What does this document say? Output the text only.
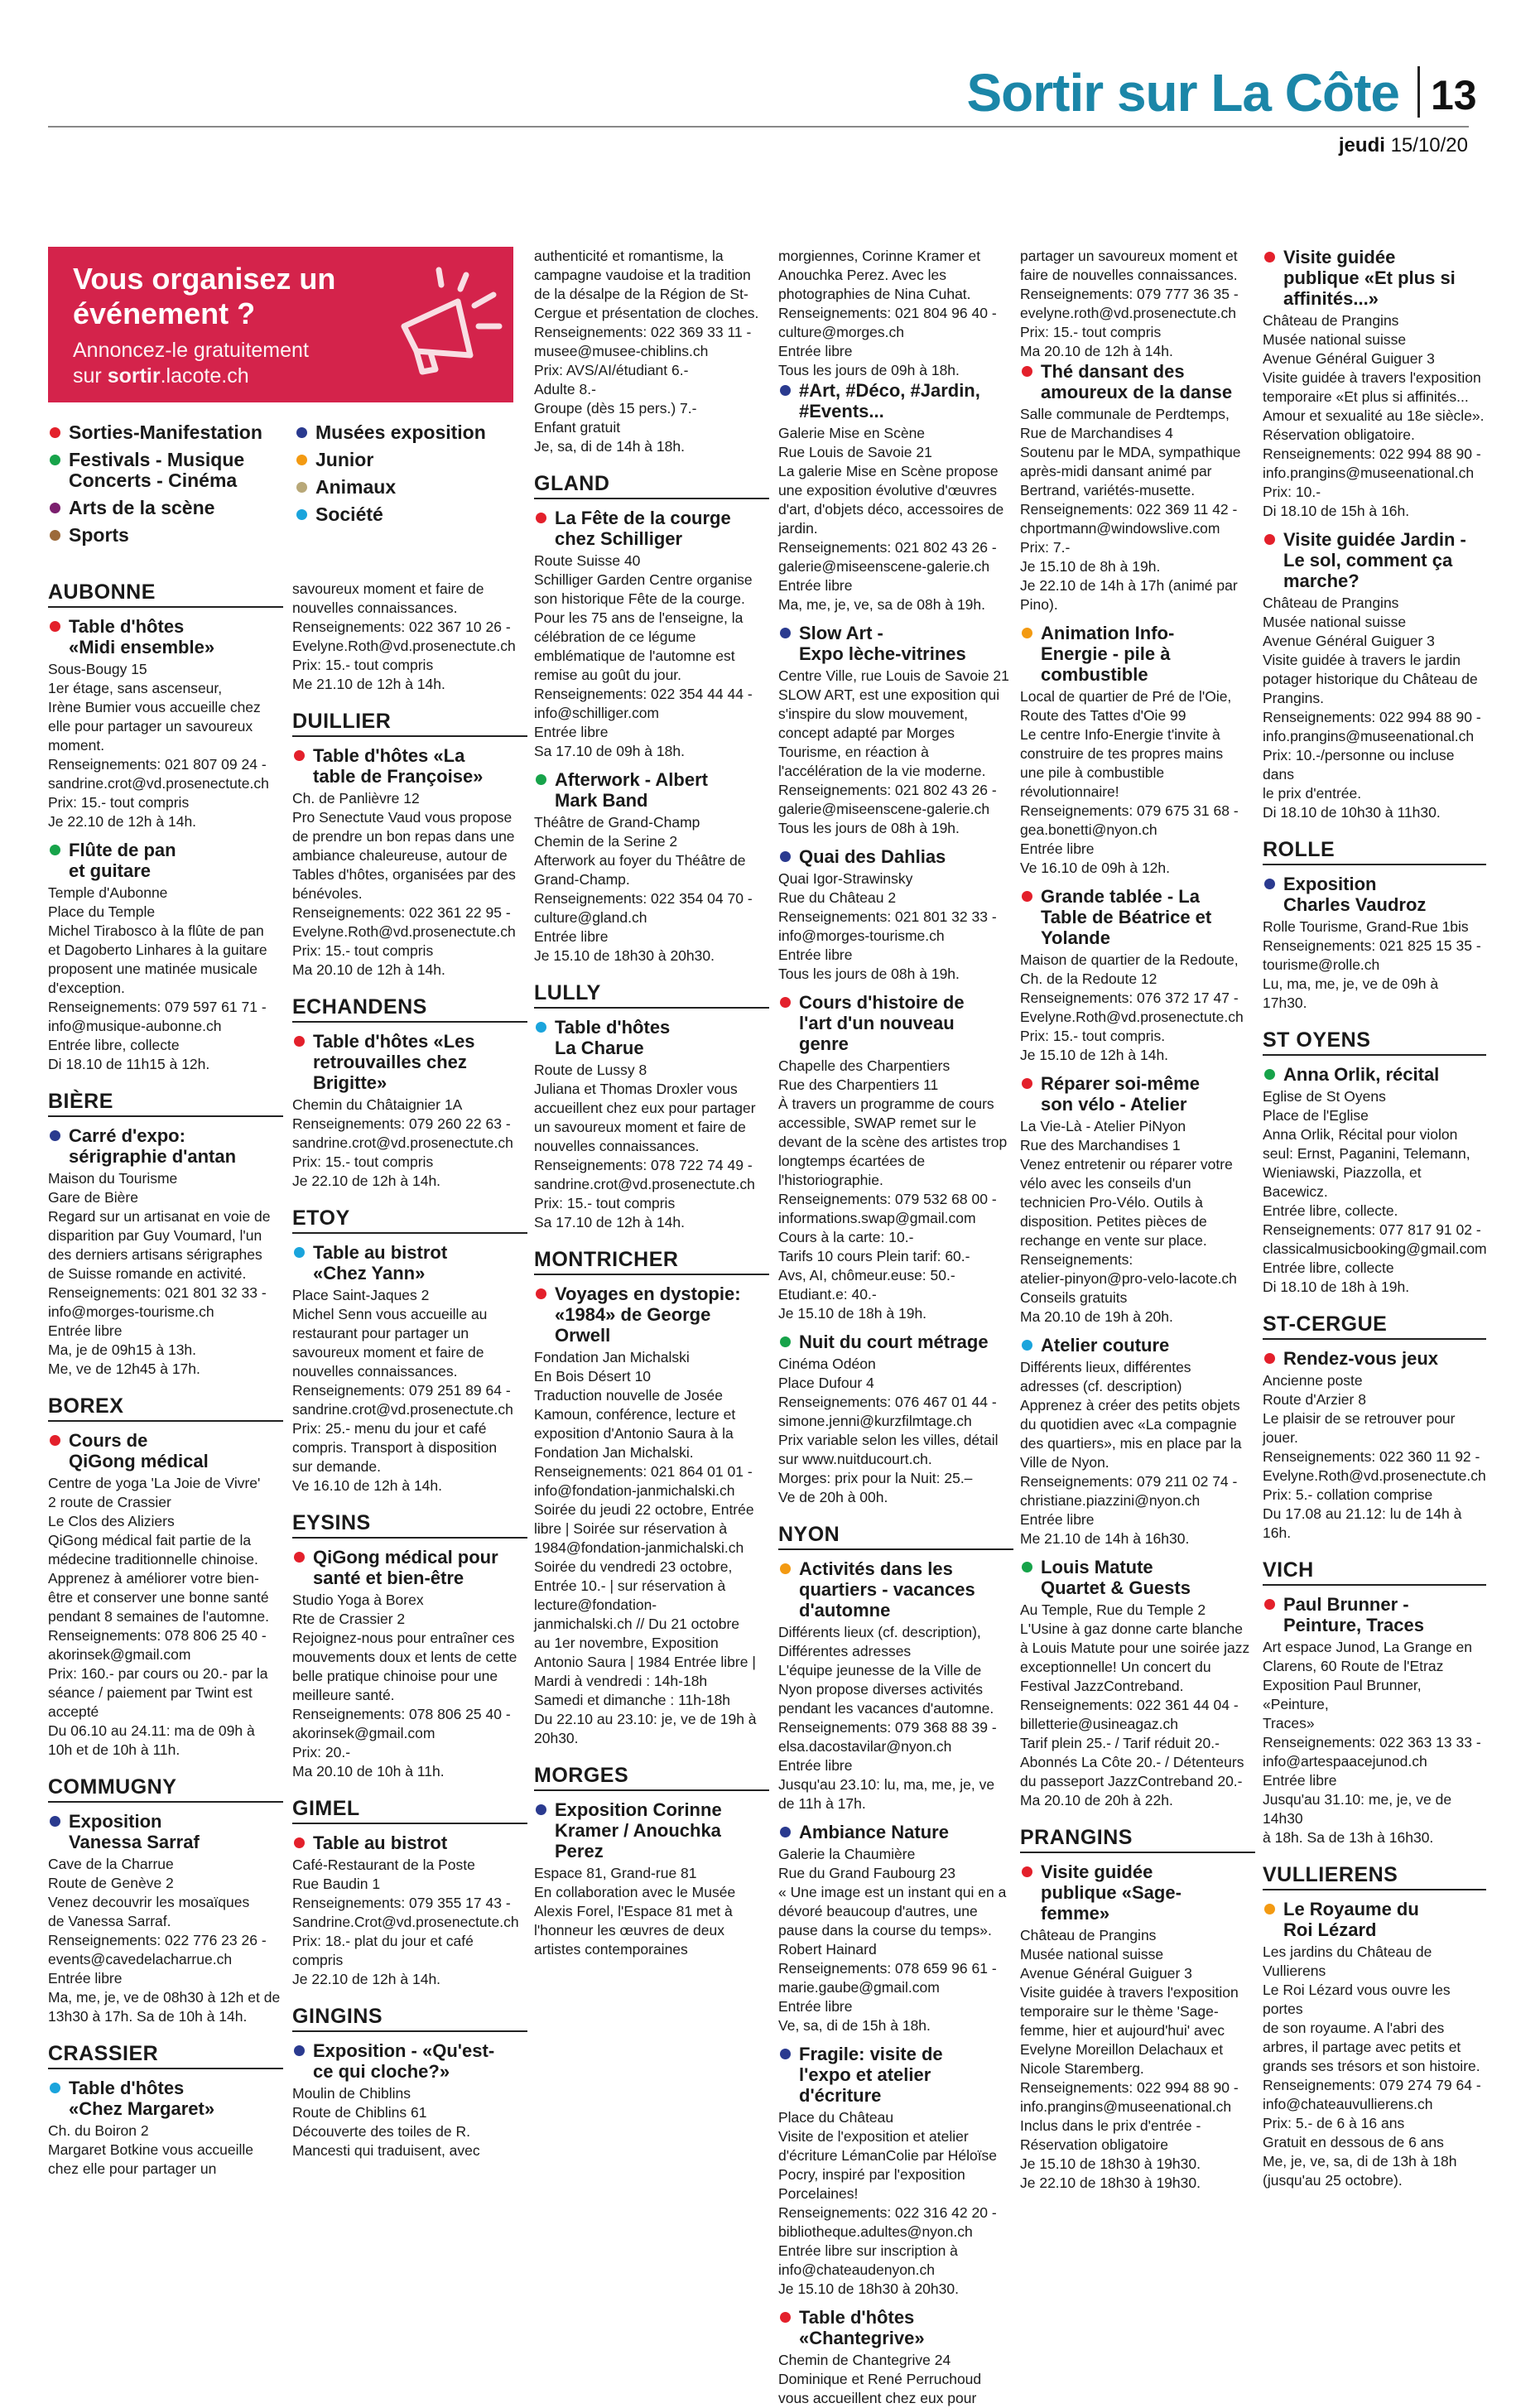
Sortir sur La Côte 13
jeudi 15/10/20
Vous organisez un événement ?
Annoncez-le gratuitement
sur sortir.lacote.ch
Sorties-Manifestation
Festivals - Musique
Concerts - Cinéma
Arts de la scène
Sports
Musées exposition
Junior
Animaux
Société
AUBONNE
Table d'hôtes
«Midi ensemble»
Sous-Bougy 15
1er étage, sans ascenseur,
Irène Bumier vous accueille chez
elle pour partager un savoureux
moment.
Renseignements: 021 807 09 24 -
sandrine.crot@vd.prosenectute.ch
Prix: 15.- tout compris
Je 22.10 de 12h à 14h.
Flûte de pan
et guitare
Temple d'Aubonne
Place du Temple
Michel Tirabosco à la flûte de pan
et Dagoberto Linhares à la guitare
proposent une matinée musicale
d'exception.
Renseignements: 079 597 61 71 -
info@musique-aubonne.ch
Entrée libre, collecte
Di 18.10 de 11h15 à 12h.
BIÈRE
Carré d'expo:
sérigraphie d'antan
Maison du Tourisme
Gare de Bière
Regard sur un artisanat en voie de
disparition par Guy Voumard, l'un
des derniers artisans sérigraphes
de Suisse romande en activité.
Renseignements: 021 801 32 33 -
info@morges-tourisme.ch
Entrée libre
Ma, je de 09h15 à 13h.
Me, ve de 12h45 à 17h.
BOREX
Cours de
QiGong médical
Centre de yoga 'La Joie de Vivre'
2 route de Crassier
Le Clos des Aliziers
QiGong médical fait partie de la
médecine traditionnelle chinoise.
Apprenez à améliorer votre bien-
être et conserver une bonne santé
pendant 8 semaines de l'automne.
Renseignements: 078 806 25 40 -
akorinsek@gmail.com
Prix: 160.- par cours ou 20.- par la
séance / paiement par Twint est
accepté
Du 06.10 au 24.11: ma de 09h à
10h et de 10h à 11h.
COMMUGNY
Exposition
Vanessa Sarraf
Cave de la Charrue
Route de Genève 2
Venez decouvrir les mosaïques
de Vanessa Sarraf.
Renseignements: 022 776 23 26 -
events@cavedelacharrue.ch
Entrée libre
Ma, me, je, ve de 08h30 à 12h et de
13h30 à 17h. Sa de 10h à 14h.
CRASSIER
Table d'hôtes
«Chez Margaret»
Ch. du Boiron 2
Margaret Botkine vous accueille
chez elle pour partager un
savoureux moment et faire de
nouvelles connaissances.
Renseignements: 022 367 10 26 -
Evelyne.Roth@vd.prosenectute.ch
Prix: 15.- tout compris
Me 21.10 de 12h à 14h.
DUILLIER
Table d'hôtes «La
table de Françoise»
Ch. de Panlièvre 12
Pro Senectute Vaud vous propose
de prendre un bon repas dans une
ambiance chaleureuse, autour de
Tables d'hôtes, organisées par des
bénévoles.
Renseignements: 022 361 22 95 -
Evelyne.Roth@vd.prosenectute.ch
Prix: 15.- tout compris
Ma 20.10 de 12h à 14h.
ECHANDENS
Table d'hôtes «Les
retrouvailles chez
Brigitte»
Chemin du Châtaignier 1A
Renseignements: 079 260 22 63 -
sandrine.crot@vd.prosenectute.ch
Prix: 15.- tout compris
Je 22.10 de 12h à 14h.
ETOY
Table au bistrot
«Chez Yann»
Place Saint-Jaques 2
Michel Senn vous accueille au
restaurant pour partager un
savoureux moment et faire de
nouvelles connaissances.
Renseignements: 079 251 89 64 -
sandrine.crot@vd.prosenectute.ch
Prix: 25.- menu du jour et café
compris. Transport à disposition
sur demande.
Ve 16.10 de 12h à 14h.
EYSINS
QiGong médical pour
santé et bien-être
Studio Yoga à Borex
Rte de Crassier 2
Rejoignez-nous pour entraîner ces
mouvements doux et lents de cette
belle pratique chinoise pour une
meilleure santé.
Renseignements: 078 806 25 40 -
akorinsek@gmail.com
Prix: 20.-
Ma 20.10 de 10h à 11h.
GIMEL
Table au bistrot
Café-Restaurant de la Poste
Rue Baudin 1
Renseignements: 079 355 17 43 -
Sandrine.Crot@vd.prosenectute.ch
Prix: 18.- plat du jour et café
compris
Je 22.10 de 12h à 14h.
GINGINS
Exposition - «Qu'est-
ce qui cloche?»
Moulin de Chiblins
Route de Chiblins 61
Découverte des toiles de R.
Mancesti qui traduisent, avec
authenticité et romantisme, la
campagne vaudoise et la tradition
de la désalpe de la Région de St-
Cergue et présentation de cloches.
Renseignements: 022 369 33 11 -
musee@musee-chiblins.ch
Prix: AVS/AI/étudiant 6.-
Adulte 8.-
Groupe (dès 15 pers.) 7.-
Enfant gratuit
Je, sa, di de 14h à 18h.
GLAND
La Fête de la courge
chez Schilliger
Route Suisse 40
Schilliger Garden Centre organise
son historique Fête de la courge.
Pour les 75 ans de l'enseigne, la
célébration de ce légume
emblématique de l'automne est
remise au goût du jour.
Renseignements: 022 354 44 44 -
info@schilliger.com
Entrée libre
Sa 17.10 de 09h à 18h.
Afterwork - Albert
Mark Band
Théâtre de Grand-Champ
Chemin de la Serine 2
Afterwork au foyer du Théâtre de
Grand-Champ.
Renseignements: 022 354 04 70 -
culture@gland.ch
Entrée libre
Je 15.10 de 18h30 à 20h30.
LULLY
Table d'hôtes
La Charue
Route de Lussy 8
Juliana et Thomas Droxler vous
accueillent chez eux pour partager
un savoureux moment et faire de
nouvelles connaissances.
Renseignements: 078 722 74 49 -
sandrine.crot@vd.prosenectute.ch
Prix: 15.- tout compris
Sa 17.10 de 12h à 14h.
MONTRICHER
Voyages en dystopie:
«1984» de George
Orwell
Fondation Jan Michalski
En Bois Désert 10
Traduction nouvelle de Josée
Kamoun, conférence, lecture et
exposition d'Antonio Saura à la
Fondation Jan Michalski.
Renseignements: 021 864 01 01 -
info@fondation-janmichalski.ch
Soirée du jeudi 22 octobre, Entrée
libre | Soirée sur réservation à
1984@fondation-janmichalski.ch
Soirée du vendredi 23 octobre,
Entrée 10.- | sur réservation à
lecture@fondation-
janmichalski.ch // Du 21 octobre
au 1er novembre, Exposition
Antonio Saura | 1984 Entrée libre |
Mardi à vendredi : 14h-18h
Samedi et dimanche : 11h-18h
Du 22.10 au 23.10: je, ve de 19h à
20h30.
MORGES
Exposition Corinne
Kramer / Anouchka
Perez
Espace 81, Grand-rue 81
En collaboration avec le Musée
Alexis Forel, l'Espace 81 met à
l'honneur les œuvres de deux
artistes contemporaines
morgiennes, Corinne Kramer et
Anouchka Perez. Avec les
photographies de Nina Cuhat.
Renseignements: 021 804 96 40 -
culture@morges.ch
Entrée libre
Tous les jours de 09h à 18h.
#Art, #Déco, #Jardin,
#Events...
Galerie Mise en Scène
Rue Louis de Savoie 21
La galerie Mise en Scène propose
une exposition évolutive d'œuvres
d'art, d'objets déco, accessoires de
jardin.
Renseignements: 021 802 43 26 -
galerie@miseenscene-galerie.ch
Entrée libre
Ma, me, je, ve, sa de 08h à 19h.
Slow Art -
Expo lèche-vitrines
Centre Ville, rue Louis de Savoie 21
SLOW ART, est une exposition qui
s'inspire du slow mouvement,
concept adapté par Morges
Tourisme, en réaction à
l'accélération de la vie moderne.
Renseignements: 021 802 43 26 -
galerie@miseenscene-galerie.ch
Tous les jours de 08h à 19h.
Quai des Dahlias
Quai Igor-Strawinsky
Rue du Château 2
Renseignements: 021 801 32 33 -
info@morges-tourisme.ch
Entrée libre
Tous les jours de 08h à 19h.
Cours d'histoire de
l'art d'un nouveau
genre
Chapelle des Charpentiers
Rue des Charpentiers 11
À travers un programme de cours
accessible, SWAP remet sur le
devant de la scène des artistes trop
longtemps écartées de
l'historiographie.
Renseignements: 079 532 68 00 -
informations.swap@gmail.com
Cours à la carte: 10.-
Tarifs 10 cours Plein tarif: 60.-
Avs, AI, chômeur.euse: 50.-
Etudiant.e: 40.-
Je 15.10 de 18h à 19h.
Nuit du court métrage
Cinéma Odéon
Place Dufour 4
Renseignements: 076 467 01 44 -
simone.jenni@kurzfilmtage.ch
Prix variable selon les villes, détail
sur www.nuitducourt.ch.
Morges: prix pour la Nuit: 25.–
Ve de 20h à 00h.
NYON
Activités dans les
quartiers - vacances
d'automne
Différents lieux (cf. description),
Différentes adresses
L'équipe jeunesse de la Ville de
Nyon propose diverses activités
pendant les vacances d'automne.
Renseignements: 079 368 88 39 -
elsa.dacostavilar@nyon.ch
Entrée libre
Jusqu'au 23.10: lu, ma, me, je, ve
de 11h à 17h.
Ambiance Nature
Galerie la Chaumière
Rue du Grand Faubourg 23
« Une image est un instant qui en a
dévoré beaucoup d'autres, une
pause dans la course du temps».
Robert Hainard
Renseignements: 078 659 96 61 -
marie.gaube@gmail.com
Entrée libre
Ve, sa, di de 15h à 18h.
Fragile: visite de
l'expo et atelier
d'écriture
Place du Château
Visite de l'exposition et atelier
d'écriture LémanColie par Héloïse
Pocry, inspiré par l'exposition
Porcelaines!
Renseignements: 022 316 42 20 -
bibliotheque.adultes@nyon.ch
Entrée libre sur inscription à
info@chateaudenyon.ch
Je 15.10 de 18h30 à 20h30.
Table d'hôtes
«Chantegrive»
Chemin de Chantegrive 24
Dominique et René Perruchoud
vous accueillent chez eux pour
partager un savoureux moment et
faire de nouvelles connaissances.
Renseignements: 079 777 36 35 -
evelyne.roth@vd.prosenectute.ch
Prix: 15.- tout compris
Ma 20.10 de 12h à 14h.
Thé dansant des
amoureux de la danse
Salle communale de Perdtemps,
Rue de Marchandises 4
Soutenu par le MDA, sympathique
après-midi dansant animé par
Bertrand, variétés-musette.
Renseignements: 022 369 11 42 -
chportmann@windowslive.com
Prix: 7.-
Je 15.10 de 8h à 19h.
Je 22.10 de 14h à 17h (animé par
Pino).
Animation Info-
Energie - pile à
combustible
Local de quartier de Pré de l'Oie,
Route des Tattes d'Oie 99
Le centre Info-Energie t'invite à
construire de tes propres mains
une pile à combustible
révolutionnaire!
Renseignements: 079 675 31 68 -
gea.bonetti@nyon.ch
Entrée libre
Ve 16.10 de 09h à 12h.
Grande tablée - La
Table de Béatrice et
Yolande
Maison de quartier de la Redoute,
Ch. de la Redoute 12
Renseignements: 076 372 17 47 -
Evelyne.Roth@vd.prosenectute.ch
Prix: 15.- tout compris.
Je 15.10 de 12h à 14h.
Réparer soi-même
son vélo - Atelier
La Vie-Là - Atelier PiNyon
Rue des Marchandises 1
Venez entretenir ou réparer votre
vélo avec les conseils d'un
technicien Pro-Vélo. Outils à
disposition. Petites pièces de
rechange en vente sur place.
Renseignements:
atelier-pinyon@pro-velo-lacote.ch
Conseils gratuits
Ma 20.10 de 19h à 20h.
Atelier couture
Différents lieux, différentes
adresses (cf. description)
Apprenez à créer des petits objets
du quotidien avec «La compagnie
des quartiers», mis en place par la
Ville de Nyon.
Renseignements: 079 211 02 74 -
christiane.piazzini@nyon.ch
Entrée libre
Me 21.10 de 14h à 16h30.
Louis Matute
Quartet & Guests
Au Temple, Rue du Temple 2
L'Usine à gaz donne carte blanche
à Louis Matute pour une soirée jazz
exceptionnelle! Un concert du
Festival JazzContreband.
Renseignements: 022 361 44 04 -
billetterie@usineagaz.ch
Tarif plein 25.- / Tarif réduit 20.-
Abonnés La Côte 20.- / Détenteurs
du passeport JazzContreband 20.-
Ma 20.10 de 20h à 22h.
PRANGINS
Visite guidée
publique «Sage-
femme»
Château de Prangins
Musée national suisse
Avenue Général Guiguer 3
Visite guidée à travers l'exposition
temporaire sur le thème 'Sage-
femme, hier et aujourd'hui' avec
Evelyne Moreillon Delachaux et
Nicole Staremberg.
Renseignements: 022 994 88 90 -
info.prangins@museenational.ch
Inclus dans le prix d'entrée -
Réservation obligatoire
Je 15.10 de 18h30 à 19h30.
Je 22.10 de 18h30 à 19h30.
Visite guidée
publique «Et plus si
affinités...»
Château de Prangins
Musée national suisse
Avenue Général Guiguer 3
Visite guidée à travers l'exposition
temporaire «Et plus si affinités...
Amour et sexualité au 18e siècle».
Réservation obligatoire.
Renseignements: 022 994 88 90 -
info.prangins@museenational.ch
Prix: 10.-
Di 18.10 de 15h à 16h.
Visite guidée Jardin -
Le sol, comment ça
marche?
Château de Prangins
Musée national suisse
Avenue Général Guiguer 3
Visite guidée à travers le jardin
potager historique du Château de
Prangins.
Renseignements: 022 994 88 90 -
info.prangins@museenational.ch
Prix: 10.-/personne ou incluse dans
le prix d'entrée.
Di 18.10 de 10h30 à 11h30.
ROLLE
Exposition
Charles Vaudroz
Rolle Tourisme, Grand-Rue 1bis
Renseignements: 021 825 15 35 -
tourisme@rolle.ch
Lu, ma, me, je, ve de 09h à 17h30.
ST OYENS
Anna Orlik, récital
Eglise de St Oyens
Place de l'Eglise
Anna Orlik, Récital pour violon
seul: Ernst, Paganini, Telemann,
Wieniawski, Piazzolla, et Bacewicz.
Entrée libre, collecte.
Renseignements: 077 817 91 02 -
classicalmusicbooking@gmail.com
Entrée libre, collecte
Di 18.10 de 18h à 19h.
ST-CERGUE
Rendez-vous jeux
Ancienne poste
Route d'Arzier 8
Le plaisir de se retrouver pour
jouer.
Renseignements: 022 360 11 92 -
Evelyne.Roth@vd.prosenectute.ch
Prix: 5.- collation comprise
Du 17.08 au 21.12: lu de 14h à 16h.
VICH
Paul Brunner -
Peinture, Traces
Art espace Junod, La Grange en
Clarens, 60 Route de l'Etraz
Exposition Paul Brunner, «Peinture,
Traces»
Renseignements: 022 363 13 33 -
info@artespaacejunod.ch
Entrée libre
Jusqu'au 31.10: me, je, ve de 14h30
à 18h. Sa de 13h à 16h30.
VULLIERENS
Le Royaume du
Roi Lézard
Les jardins du Château de
Vullierens
Le Roi Lézard vous ouvre les portes
de son royaume. A l'abri des
arbres, il partage avec petits et
grands ses trésors et son histoire.
Renseignements: 079 274 79 64 -
info@chateauvullierens.ch
Prix: 5.- de 6 à 16 ans
Gratuit en dessous de 6 ans
Me, je, ve, sa, di de 13h à 18h
(jusqu'au 25 octobre).
